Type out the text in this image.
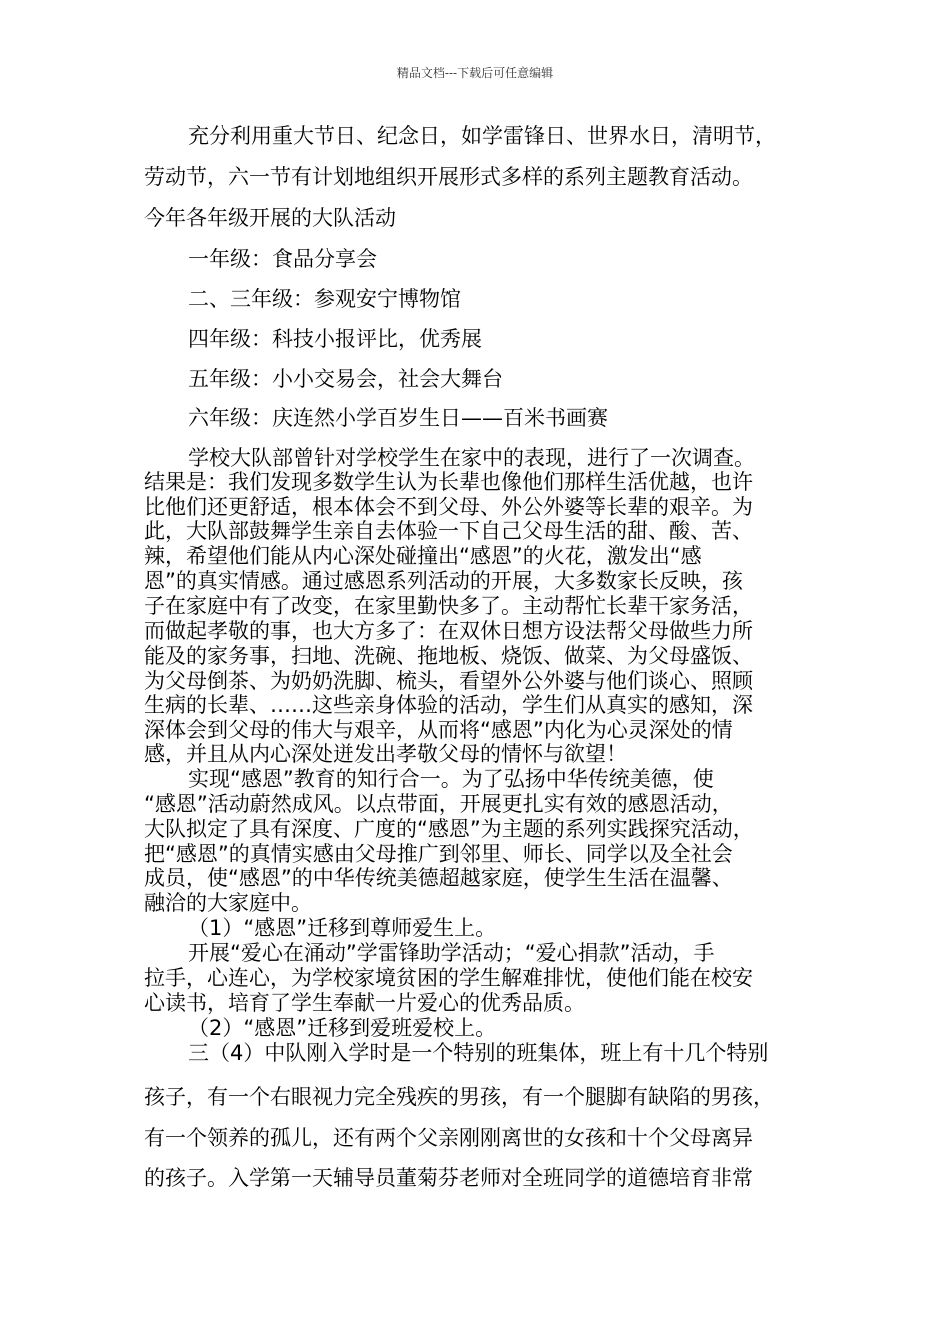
精品文档---下载后可任意编辑
充分利用重大节日、纪念日，如学雷锋日、世界水日，清明节，
劳动节，六一节有计划地组织开展形式多样的系列主题教育活动。
今年各年级开展的大队活动
一年级：食品分享会
二、三年级：参观安宁博物馆
四年级：科技小报评比，优秀展
五年级：小小交易会，社会大舞台
六年级：庆连然小学百岁生日——百米书画赛
学校大队部曾针对学校学生在家中的表现，进行了一次调查。
结果是：我们发现多数学生认为长辈也像他们那样生活优越，也许
比他们还更舒适，根本体会不到父母、外公外婆等长辈的艰辛。为
此，大队部鼓舞学生亲自去体验一下自己父母生活的甜、酸、苦、
辣，希望他们能从内心深处碰撞出“感恩”的火花，激发出“感
恩”的真实情感。通过感恩系列活动的开展，大多数家长反映，孩
子在家庭中有了改变，在家里勤快多了。主动帮忙长辈干家务活，
而做起孝敬的事，也大方多了：在双休日想方设法帮父母做些力所
能及的家务事，扫地、洗碗、拖地板、烧饭、做菜、为父母盛饭、
为父母倒茶、为奶奶洗脚、梳头，看望外公外婆与他们谈心、照顾
生病的长辈、……这些亲身体验的活动，学生们从真实的感知，深
深体会到父母的伟大与艰辛，从而将“感恩”内化为心灵深处的情
感，并且从内心深处迸发出孝敬父母的情怀与欲望！
实现“感恩”教育的知行合一。为了弘扬中华传统美德，使
“感恩”活动蔚然成风。以点带面，开展更扎实有效的感恩活动，
大队拟定了具有深度、广度的“感恩”为主题的系列实践探究活动，
把“感恩”的真情实感由父母推广到邻里、师长、同学以及全社会
成员，使“感恩”的中华传统美德超越家庭，使学生生活在温馨、
融洽的大家庭中。
（1）“感恩”迁移到尊师爱生上。
开展“爱心在涌动”学雷锋助学活动；“爱心捐款”活动，手
拉手，心连心，为学校家境贫困的学生解难排忧，使他们能在校安
心读书，培育了学生奉献一片爱心的优秀品质。
（2）“感恩”迁移到爱班爱校上。
三（4）中队刚入学时是一个特别的班集体，班上有十几个特别
孩子，有一个右眼视力完全残疾的男孩，有一个腿脚有缺陷的男孩，
有一个领养的孤儿，还有两个父亲刚刚离世的女孩和十个父母离异
的孩子。入学第一天辅导员董菊芬老师对全班同学的道德培育非常
